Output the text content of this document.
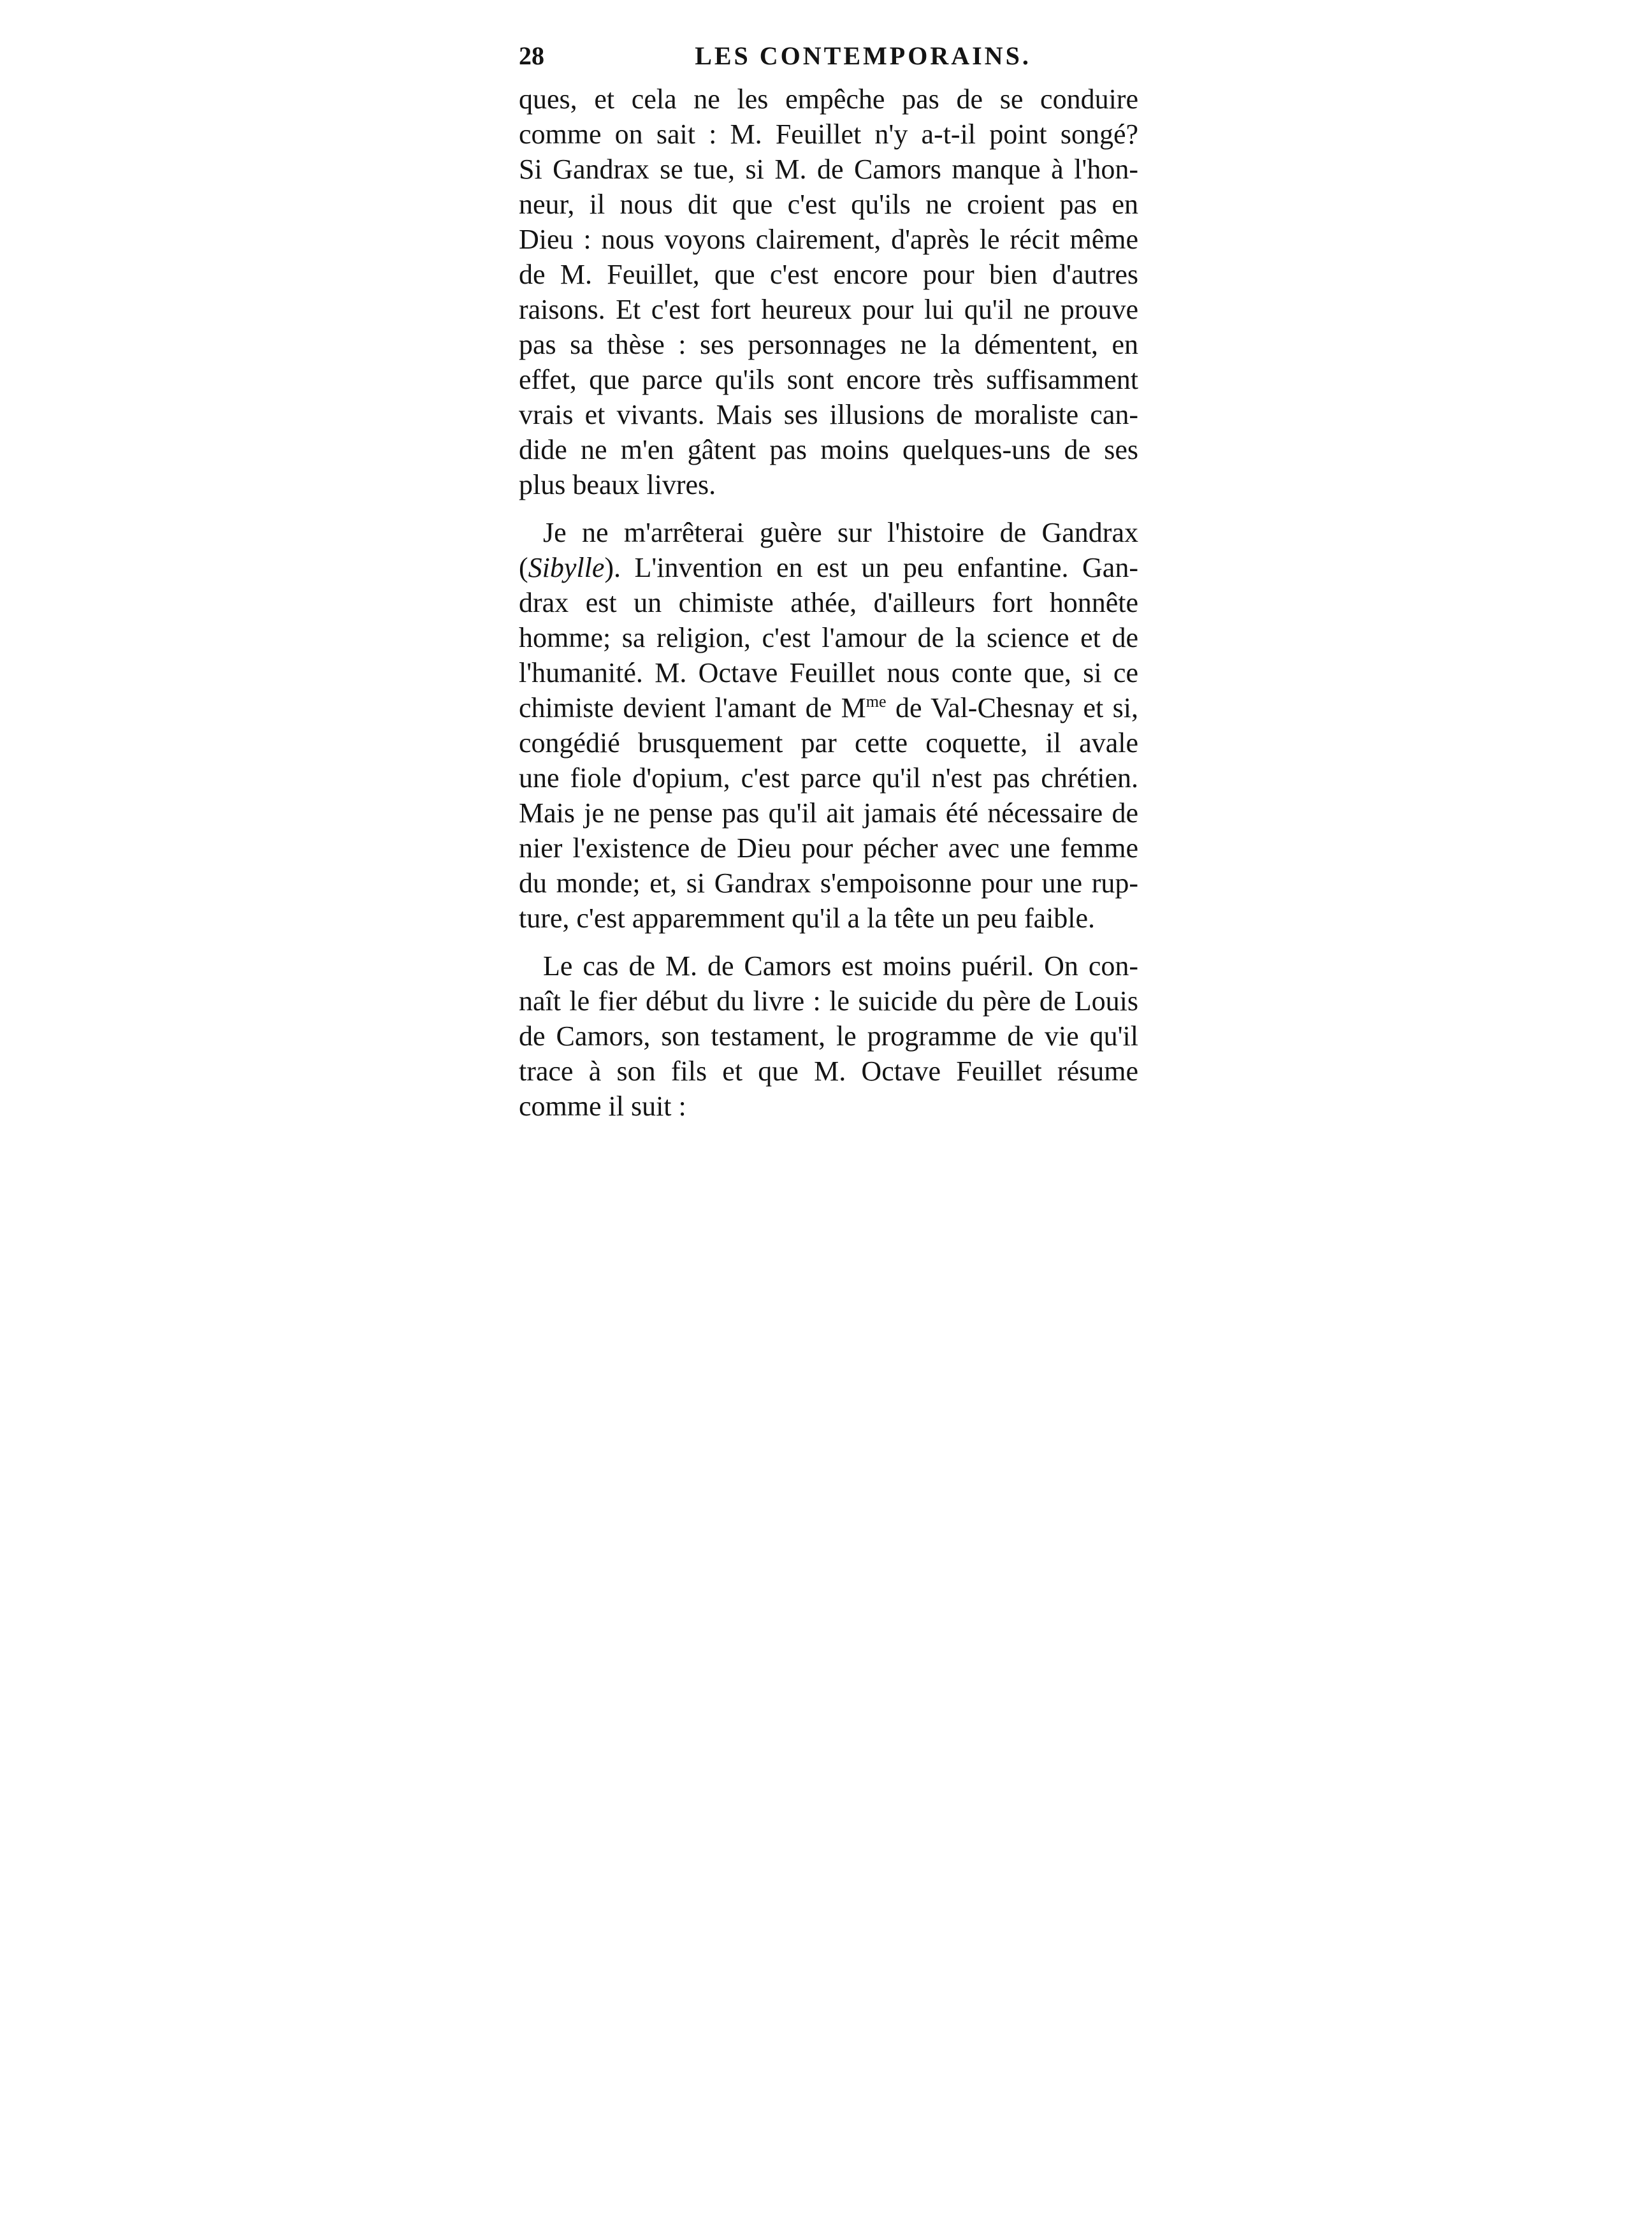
28	LES CONTEMPORAINS.
ques, et cela ne les empêche pas de se conduire
comme on sait : M. Feuillet n'y a-t-il point songé?
Si Gandrax se tue, si M. de Camors manque à l'hon-
neur, il nous dit que c'est qu'ils ne croient pas en
Dieu : nous voyons clairement, d'après le récit même
de M. Feuillet, que c'est encore pour bien d'autres
raisons. Et c'est fort heureux pour lui qu'il ne prouve
pas sa thèse : ses personnages ne la démentent, en
effet, que parce qu'ils sont encore très suffisamment
vrais et vivants. Mais ses illusions de moraliste can-
dide ne m'en gâtent pas moins quelques-uns de ses
plus beaux livres.
Je ne m'arrêterai guère sur l'histoire de Gandrax
(Sibylle). L'invention en est un peu enfantine. Gan-
drax est un chimiste athée, d'ailleurs fort honnête
homme; sa religion, c'est l'amour de la science et de
l'humanité. M. Octave Feuillet nous conte que, si ce
chimiste devient l'amant de $M^{me}$ de Val-Chesnay et si,
congédié brusquement par cette coquette, il avale
une fiole d'opium, c'est parce qu'il n'est pas chrétien.
Mais je ne pense pas qu'il ait jamais été nécessaire de
nier l'existence de Dieu pour pécher avec une femme
du monde; et, si Gandrax s'empoisonne pour une rup-
ture, c'est apparemment qu'il a la tête un peu faible.
Le cas de M. de Camors est moins puéril. On con-
naît le fier début du livre : le suicide du père de Louis
de Camors, son testament, le programme de vie qu'il
trace à son fils et que M. Octave Feuillet résume
comme il suit :
